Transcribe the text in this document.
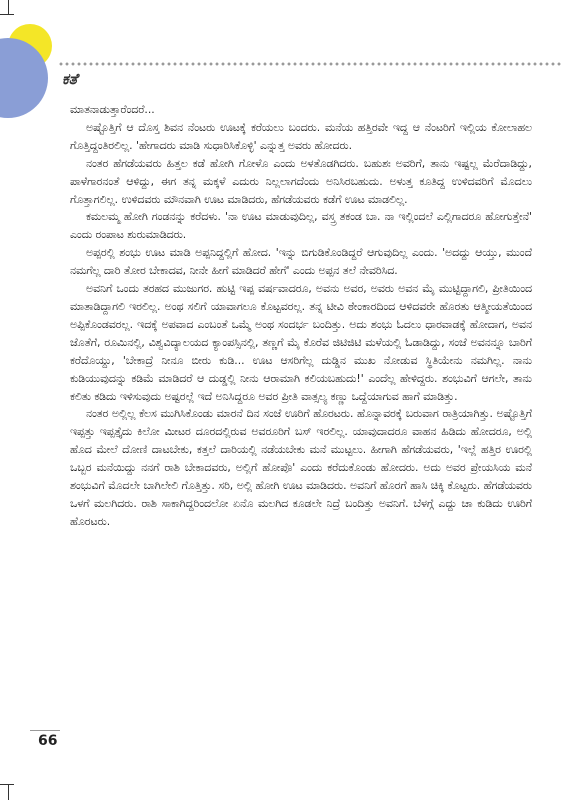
ಕತೆ

ಮಾತನಾಡುತ್ತಾರೆಂದರೆ...

ಅಷ್ಟೊತ್ತಿಗೆ ಆ ದೊಸ್ತ ಶಿವನ ನೆಂಟರು ಊಟಕ್ಕೆ ಕರೆಯಲು ಬಂದರು. ಮನೆಯ ಹತ್ತಿರವೇ ಇದ್ದ ಆ ನೆಂಟರಿಗೆ ಇಲ್ಲಿಯ ಕೋಲಾಹಲ ಗೊತ್ತಿದ್ದಂತಿರಲಿಲ್ಲ. 'ಹೇಗಾದರು ಮಾಡಿ ಸುಧಾರಿಸಿಕೊಳ್ಳಿ' ಎನ್ನುತ್ತ ಅವರು ಹೋದರು.

ನಂತರ ಹೆಗಡೆಯವರು ಹಿತ್ತಲ ಕಡೆ ಹೋಗಿ ಗೋಳೊ ಎಂದು ಅಳತೊಡಗಿದರು. ಬಹುಶಃ ಅವರಿಗೆ, ತಾನು ಇಷ್ಟಲ್ಲ ಮೆರೆದಾಡಿದ್ದು, ಪಾಳೆಗಾರನಂತೆ ಆಳಿದ್ದು, ಈಗ ತನ್ನ ಮಕ್ಕಳೆ ಎದುರು ನಿಲ್ಲಲಾಗದೆಂದು ಅನಿಸಿರಬಹುದು. ಅಳುತ್ತ ಕೂತಿದ್ದ ಉಳಿದವರಿಗೆ ಮೊದಲು ಗೊತ್ತಾಗಲಿಲ್ಲ. ಉಳಿದವರು ಮೌನವಾಗಿ ಊಟ ಮಾಡಿದರು, ಹೆಗಡೆಯವರು ಕಡೆಗೆ ಊಟ ಮಾಡಲಿಲ್ಲ.

ಕಮಲಮ್ಮ ಹೋಗಿ ಗಂಡನನ್ನು ಕರೆದಳು. 'ನಾ ಊಟ ಮಾಡುವುದಿಲ್ಲ, ವಸ್ತ್ರ ತಕಂಡ ಬಾ. ನಾ ಇಲ್ಲಿಂದಲೆ ಎಲ್ಲಿಗಾದರೂ ಹೋಗುತ್ತೇನೆ' ಎಂದು ರಂಪಾಟ ಶುರುಮಾಡಿದರು.

ಅಪ್ಪರಲ್ಲಿ ಶಂಭು ಊಟ ಮಾಡಿ ಅಪ್ಪನಿದ್ದಲ್ಲಿಗೆ ಹೋದ. 'ಇನ್ನು ಬಿಗುಡಿಕೊಂಡಿದ್ದರೆ ಆಗುವುದಿಲ್ಲ ಎಂದು. 'ಅದದ್ದು ಆಯ್ತು, ಮುಂದೆ ನಮಗೆಲ್ಲ ದಾರಿ ತೋರ ಬೇಕಾದವ, ನೀನೇ ಹೀಗೆ ಮಾಡಿದರೆ ಹೇಗೆ' ಎಂದು ಅಪ್ಪನ ತಲೆ ನೇವರಿಸಿದ.

ಅವನಿಗೆ ಒಂದು ತರಹದ ಮುಜುಗರ. ಹುಟ್ಟಿ ಇಪ್ಪ ವರ್ಷವಾದರೂ, ಅವನು ಅವರ, ಅವರು ಅವನ ಮೈ ಮುಟ್ಟಿದ್ದಾಗಲಿ, ಪ್ರೀತಿಯಿಂದ ಮಾತಾಡಿದ್ದಾಗಲಿ ಇರಲಿಲ್ಲ. ಅಂಥ ಸಲಿಗೆ ಯಾವಾಗಲೂ ಕೊಟ್ಟವರಲ್ಲ. ತನ್ನ ಟೀವಿ ಠೇಂಕಾರದಿಂದ ಆಳಿದವರೇ ಹೊರತು ಆತ್ಮೀಯತೆಯಿಂದ ಅಪ್ಪಿಕೊಂಡವರಲ್ಲ. ಇದಕ್ಕೆ ಅಪವಾದ ಎಂಬಂತೆ ಒಮ್ಮೆ ಅಂಥ ಸಂದರ್ಭ ಬಂದಿತ್ತು. ಅದು ಶಂಭು ಓದಲು ಧಾರವಾಡಕ್ಕೆ ಹೋದಾಗ, ಅವನ ಜೊತೆಗೆ, ರೂಮಿನಲ್ಲಿ, ವಿಶ್ವವಿದ್ಯಾಲಯದ ಕ್ಯಾಂಪಸ್ಸಿನಲ್ಲಿ, ತಣ್ಣಗೆ ಮೈ ಕೊರೆವ ಜಿಟಿಜಿಟಿ ಮಳೆಯಲ್ಲಿ ಓಡಾಡಿದ್ದು, ಸಂಜೆ ಅವನನ್ನೂ ಬಾರಿಗೆ ಕರೆದೊಯ್ದು, 'ಬೇಕಾದ್ರೆ ನೀನೂ ಬೀರು ಕುಡಿ... ಊಟ ಆಸರಿಗೆಲ್ಲ ದುಡ್ಡಿನ ಮುಖ ನೋಡುವ ಸ್ಥಿತಿಯೇನು ನಮಗಿಲ್ಲ. ನಾನು ಕುಡಿಯುವುದನ್ನು ಕಡಿಮೆ ಮಾಡಿದರೆ ಆ ದುಡ್ಡಲ್ಲಿ ನೀನು ಆರಾಮಾಗಿ ಕಲಿಯಬಹುದು!' ಎಂದೆಲ್ಲ ಹೇಳಿದ್ದರು. ಶಂಭುವಿಗೆ ಆಗಲೇ, ತಾನು ಕಲಿತು ಕಡಿದು ಇಳಿಸುವುದು ಅಷ್ಟರಲ್ಲೆ ಇದೆ ಅನಿಸಿದ್ದರೂ ಅವರ ಪ್ರೀತಿ ವಾತ್ಸಲ್ಯ ಕಣ್ಣು ಒದ್ದೆಯಾಗುವ ಹಾಗೆ ಮಾಡಿತ್ತು.

ನಂತರ ಅಲ್ಲಿಲ್ಲ ಕೆಲಸ ಮುಗಿಸಿಕೊಂಡು ಮಾರನೆ ದಿನ ಸಂಜೆ ಊರಿಗೆ ಹೊರಟರು. ಹೊನ್ನಾವರಕ್ಕೆ ಬರುವಾಗ ರಾತ್ರಿಯಾಗಿತ್ತು. ಅಷ್ಟೊತ್ತಿಗೆ ಇಪ್ಪತ್ತು ಇಪ್ಪತ್ತೈದು ಕಿಲೋ ಮೀಟರ ದೂರದಲ್ಲಿರುವ ಅವರೂರಿಗೆ ಬಸ್ ಇರಲಿಲ್ಲ. ಯಾವುದಾದರೂ ವಾಹನ ಹಿಡಿದು ಹೋದರೂ, ಅಲ್ಲಿ ಹೊದ ಮೇಲೆ ದೋಣಿ ದಾಟಬೇಕು, ಕತ್ತಲೆ ದಾರಿಯಲ್ಲಿ ನಡೆಯಬೇಕು ಮನೆ ಮುಟ್ಟಲು. ಹೀಗಾಗಿ ಹೆಗಡೆಯವರು, 'ಇಲ್ಲೆ ಹತ್ತಿರ ಊರಲ್ಲಿ ಒಬ್ಬರ ಮನೆಯಿದ್ದು ನನಗೆ ರಾಶಿ ಬೇಕಾದವರು, ಅಲ್ಲಿಗೆ ಹೋಪೊ' ಎಂದು ಕರೆದುಕೊಂಡು ಹೋದರು. ಅದು ಅವರ ಪ್ರೇಯಸಿಯ ಮನೆ ಶಂಭುವಿಗೆ ಮೊದಲೇ ಬಾಗಿಲೇಲಿ ಗೊತ್ತಿತ್ತು. ಸರಿ, ಅಲ್ಲಿ ಹೋಗಿ ಊಟ ಮಾಡಿದರು. ಅವನಿಗೆ ಹೊರಗೆ ಹಾಸಿ ಚಿಕ್ಕಿ ಕೊಟ್ಟರು. ಹೆಗಡೆಯವರು ಒಳಗೆ ಮಲಗಿದರು. ರಾಶಿ ಸಾಕಾಗಿದ್ದರಿಂದಲೋ ಏನೊ ಮಲಗಿದ ಕೂಡಲೇ ನಿದ್ರೆ ಬಂದಿತ್ತು ಅವನಿಗೆ. ಬೆಳಗ್ಗೆ ಎದ್ದು ಚಾ ಕುಡಿದು ಊರಿಗೆ ಹೊರಟರು.

66
